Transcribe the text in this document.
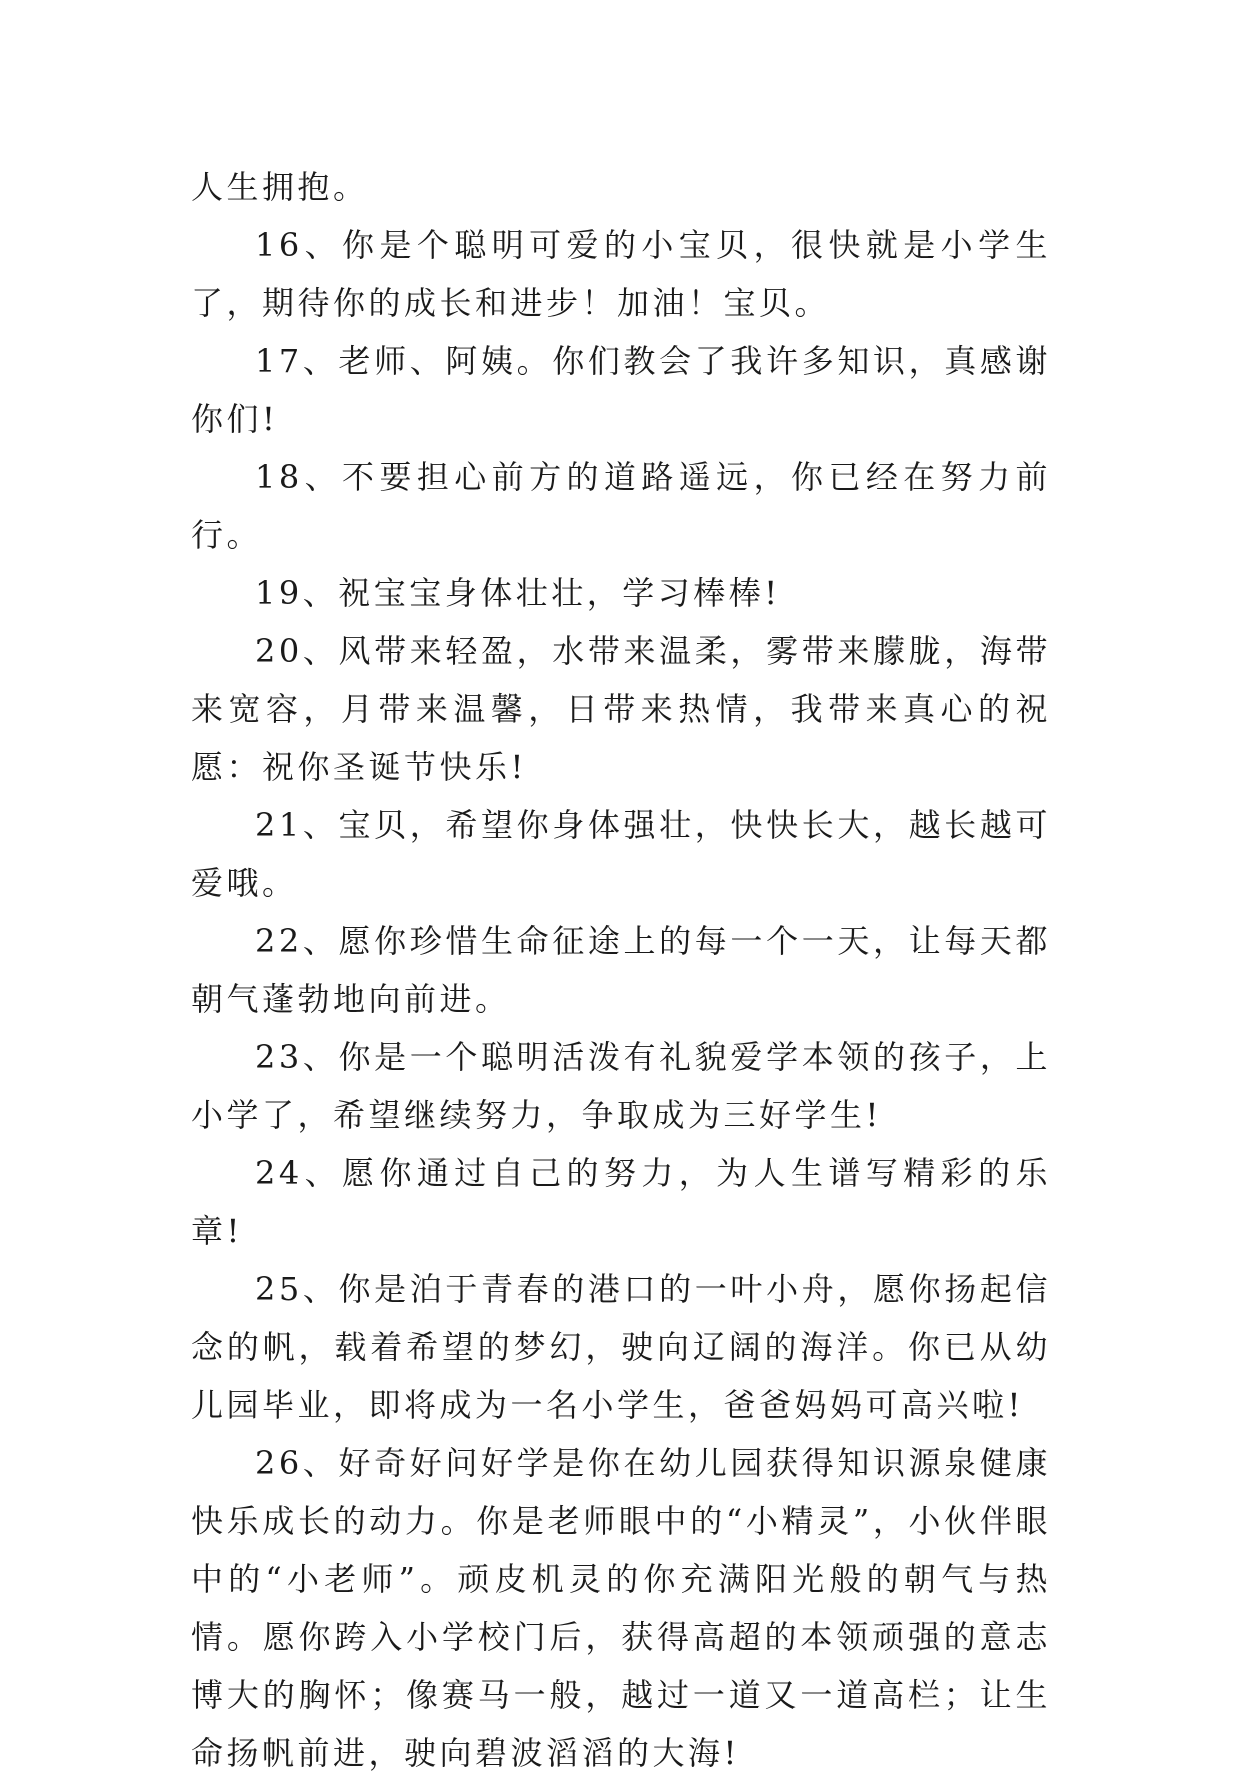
人生拥抱。

16、你是个聪明可爱的小宝贝，很快就是小学生了，期待你的成长和进步！加油！宝贝。

17、老师、阿姨。你们教会了我许多知识，真感谢你们!

18、不要担心前方的道路遥远，你已经在努力前行。

19、祝宝宝身体壮壮，学习棒棒!

20、风带来轻盈，水带来温柔，雾带来朦胧，海带来宽容，月带来温馨，日带来热情，我带来真心的祝愿：祝你圣诞节快乐!

21、宝贝，希望你身体强壮，快快长大，越长越可爱哦。

22、愿你珍惜生命征途上的每一个一天，让每天都朝气蓬勃地向前进。

23、你是一个聪明活泼有礼貌爱学本领的孩子，上小学了，希望继续努力，争取成为三好学生!

24、愿你通过自己的努力，为人生谱写精彩的乐章!

25、你是泊于青春的港口的一叶小舟，愿你扬起信念的帆，载着希望的梦幻，驶向辽阔的海洋。你已从幼儿园毕业，即将成为一名小学生，爸爸妈妈可高兴啦!

26、好奇好问好学是你在幼儿园获得知识源泉健康快乐成长的动力。你是老师眼中的“小精灵”，小伙伴眼中的“小老师”。顽皮机灵的你充满阳光般的朝气与热情。愿你跨入小学校门后，获得高超的本领顽强的意志博大的胸怀；像赛马一般，越过一道又一道高栏；让生命扬帆前进，驶向碧波滔滔的大海!
